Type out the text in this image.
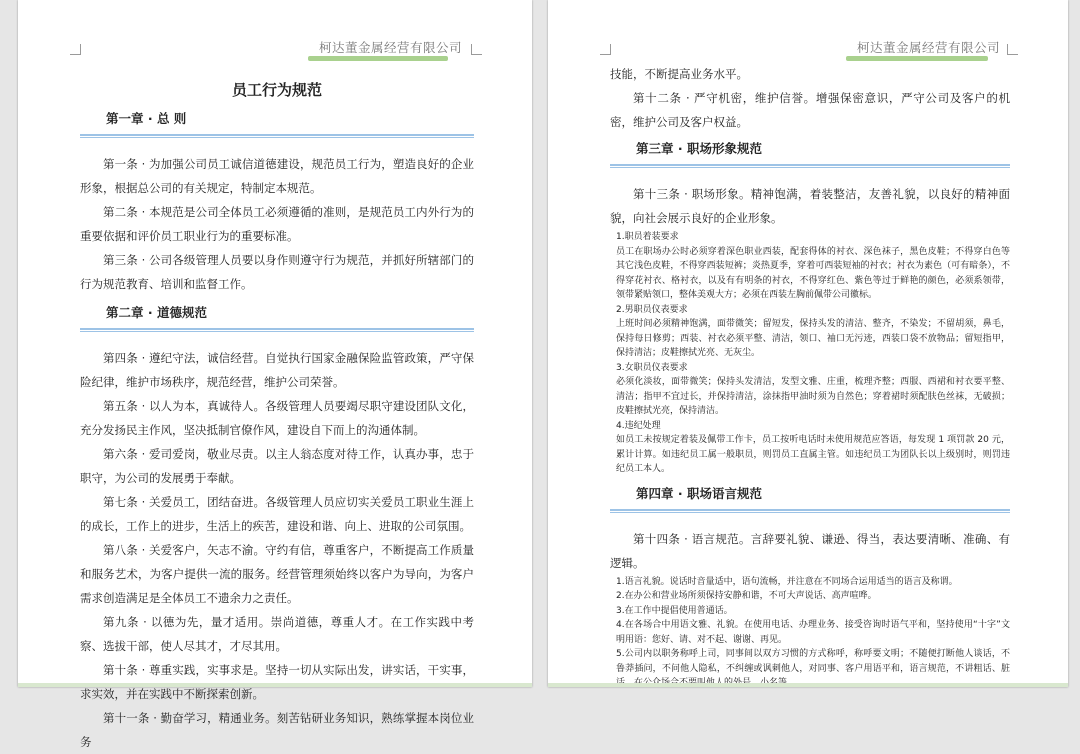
柯达董金属经营有限公司

员工行为规范

第一章 · 总 则

第一条 · 为加强公司员工诚信道德建设，规范员工行为，塑造良好的企业形象，根据总公司的有关规定，特制定本规范。

第二条 · 本规范是公司全体员工必须遵循的准则，是规范员工内外行为的重要依据和评价员工职业行为的重要标准。

第三条 · 公司各级管理人员要以身作则遵守行为规范，并抓好所辖部门的行为规范教育、培训和监督工作。

第二章 · 道德规范

第四条 · 遵纪守法，诚信经营。自觉执行国家金融保险监管政策，严守保险纪律，维护市场秩序，规范经营，维护公司荣誉。

第五条 · 以人为本，真诚待人。各级管理人员要竭尽职守建设团队文化，充分发扬民主作风，坚决抵制官僚作风，建设自下而上的沟通体制。

第六条 · 爱司爱岗，敬业尽责。以主人翁态度对待工作，认真办事，忠于职守，为公司的发展勇于奉献。

第七条 · 关爱员工，团结奋进。各级管理人员应切实关爱员工职业生涯上的成长，工作上的进步，生活上的疾苦，建设和谐、向上、进取的公司氛围。

第八条 · 关爱客户，矢志不渝。守约有信，尊重客户，不断提高工作质量和服务艺术，为客户提供一流的服务。经营管理须始终以客户为导向，为客户需求创造满足是全体员工不遗余力之责任。

第九条 · 以德为先，量才适用。崇尚道德，尊重人才。在工作实践中考察、选拔干部，使人尽其才，才尽其用。

第十条 · 尊重实践，实事求是。坚持一切从实际出发，讲实话，干实事，求实效，并在实践中不断探索创新。

第十一条 · 勤奋学习，精通业务。刻苦钻研业务知识，熟练掌握本岗位业务

柯达董金属经营有限公司

技能，不断提高业务水平。

第十二条 · 严守机密，维护信誉。增强保密意识，严守公司及客户的机密，维护公司及客户权益。

第三章 · 职场形象规范

第十三条 · 职场形象。精神饱满，着装整洁，友善礼貌，以良好的精神面貌，向社会展示良好的企业形象。

1.职员着装要求

员工在职场办公时必须穿着深色职业西装，配套得体的衬衣、深色袜子，黑色皮鞋；不得穿白色等其它浅色皮鞋，不得穿西装短裤；炎热夏季，穿着可西装短袖的衬衣；衬衣为素色（可有暗条），不得穿花衬衣、格衬衣，以及有有明条的衬衣，不得穿红色、紫色等过于鲜艳的颜色，必须系领带，领带紧贴领口，整体美观大方；必须在西装左胸前佩带公司徽标。

2.男职员仪表要求

上班时间必须精神饱满，面带微笑；留短发，保持头发的清洁、整齐，不染发；不留胡须，鼻毛，保持每日修剪；西装、衬衣必须平整、清洁，领口、袖口无污迹，西装口袋不放物品；留短指甲，保持清洁；皮鞋擦拭光亮、无灰尘。

3.女职员仪表要求

必须化淡妆，面带微笑；保持头发清洁，发型文雅、庄重，梳理齐整；西服、西裙和衬衣要平整、清洁；指甲不宜过长，并保持清洁，涂抹指甲油时须为自然色；穿着裙时须配肤色丝袜，无破损；皮鞋擦拭光亮，保持清洁。

4.违纪处理

如员工未按规定着装及佩带工作卡，员工按听电话时未使用规范应答语，每发现 1 项罚款 20 元，累计计算。如违纪员工属一般职员，则罚员工直属主管。如违纪员工为团队长以上级别时，则罚违纪员工本人。

第四章 · 职场语言规范

第十四条 · 语言规范。言辞要礼貌、谦逊、得当，表达要清晰、准确、有逻辑。

1.语言礼貌。说话时音量适中，语句流畅，并注意在不同场合运用适当的语言及称谓。

2.在办公和营业场所须保持安静和谐，不可大声说话、高声喧哗。

3.在工作中提倡使用普通话。

4.在各场合中用语文雅、礼貌。在使用电话、办理业务、接受咨询时语气平和，坚持使用“十字”文明用语：您好、请、对不起、谢谢、再见。

5.公司内以职务称呼上司，同事间以双方习惯的方式称呼，称呼要文明；不随便打断他人谈话，不鲁莽插问，不问他人隐私，不纠缠或讽刺他人，对同事、客户用语平和，语言规范，不讲粗话、脏
